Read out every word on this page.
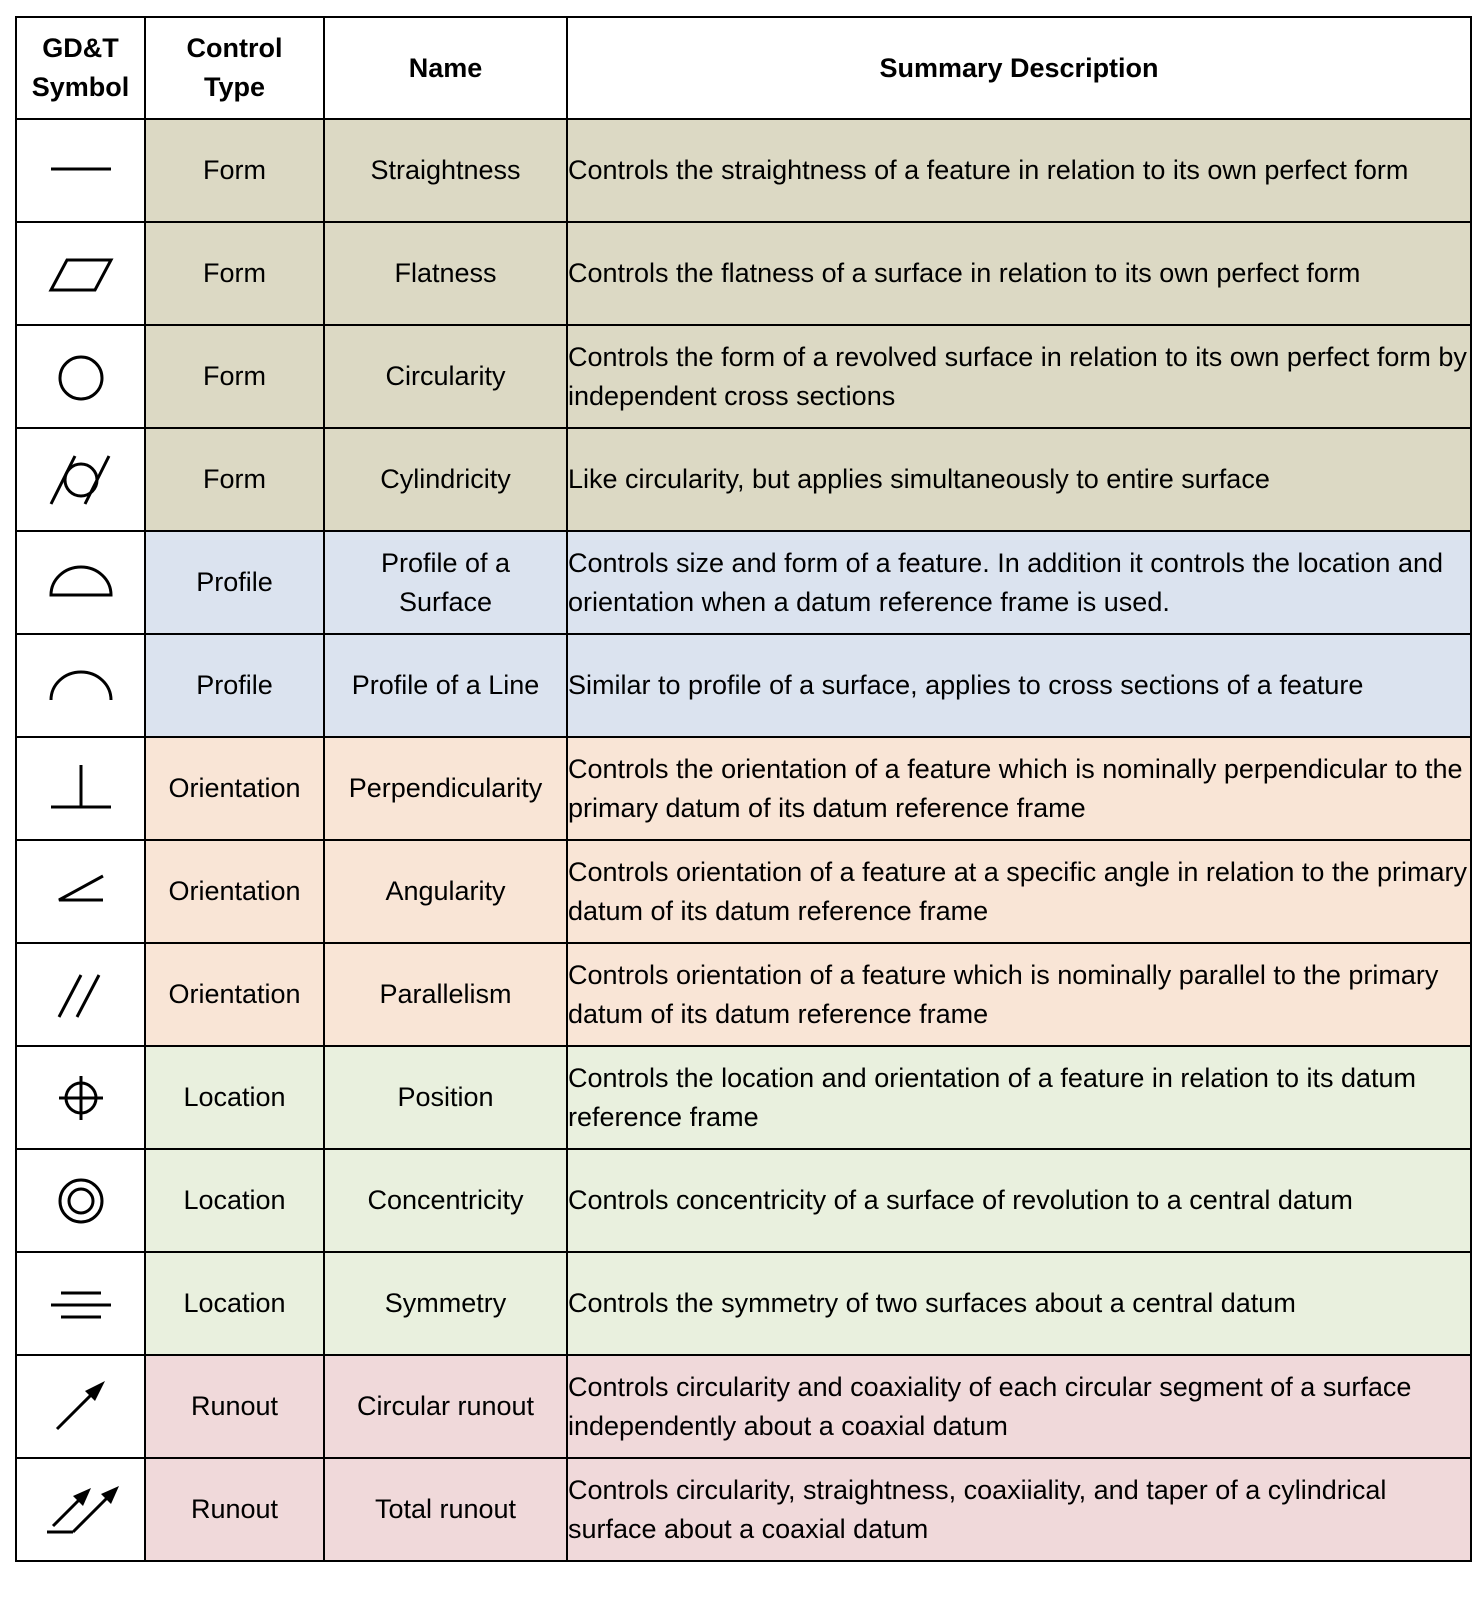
GD&T Symbol	Control Type	Name	Summary Description

	Form	Straightness	Controls the straightness of a feature in relation to its own perfect form

	Form	Flatness	Controls the flatness of a surface in relation to its own perfect form

	Form	Circularity	Controls the form of a revolved surface in relation to its own perfect form by independent cross sections

	Form	Cylindricity	Like circularity, but applies simultaneously to entire surface

	Profile	Profile of a Surface	Controls size and form of a feature. In addition it controls the location and orientation when a datum reference frame is used.

	Profile	Profile of a Line	Similar to profile of a surface, applies to cross sections of a feature

	Orientation	Perpendicularity	Controls the orientation of a feature which is nominally perpendicular to the primary datum of its datum reference frame

	Orientation	Angularity	Controls orientation of a feature at a specific angle in relation to the primary datum of its datum reference frame

	Orientation	Parallelism	Controls orientation of a feature which is nominally parallel to the primary datum of its datum reference frame

	Location	Position	Controls the location and orientation of a feature in relation to its datum reference frame

	Location	Concentricity	Controls concentricity of a surface of revolution to a central datum

	Location	Symmetry	Controls the symmetry of two surfaces about a central datum

	Runout	Circular runout	Controls circularity and coaxiality of each circular segment of a surface independently about a coaxial datum

	Runout	Total runout	Controls circularity, straightness, coaxiiality, and taper of a cylindrical surface about a coaxial datum
